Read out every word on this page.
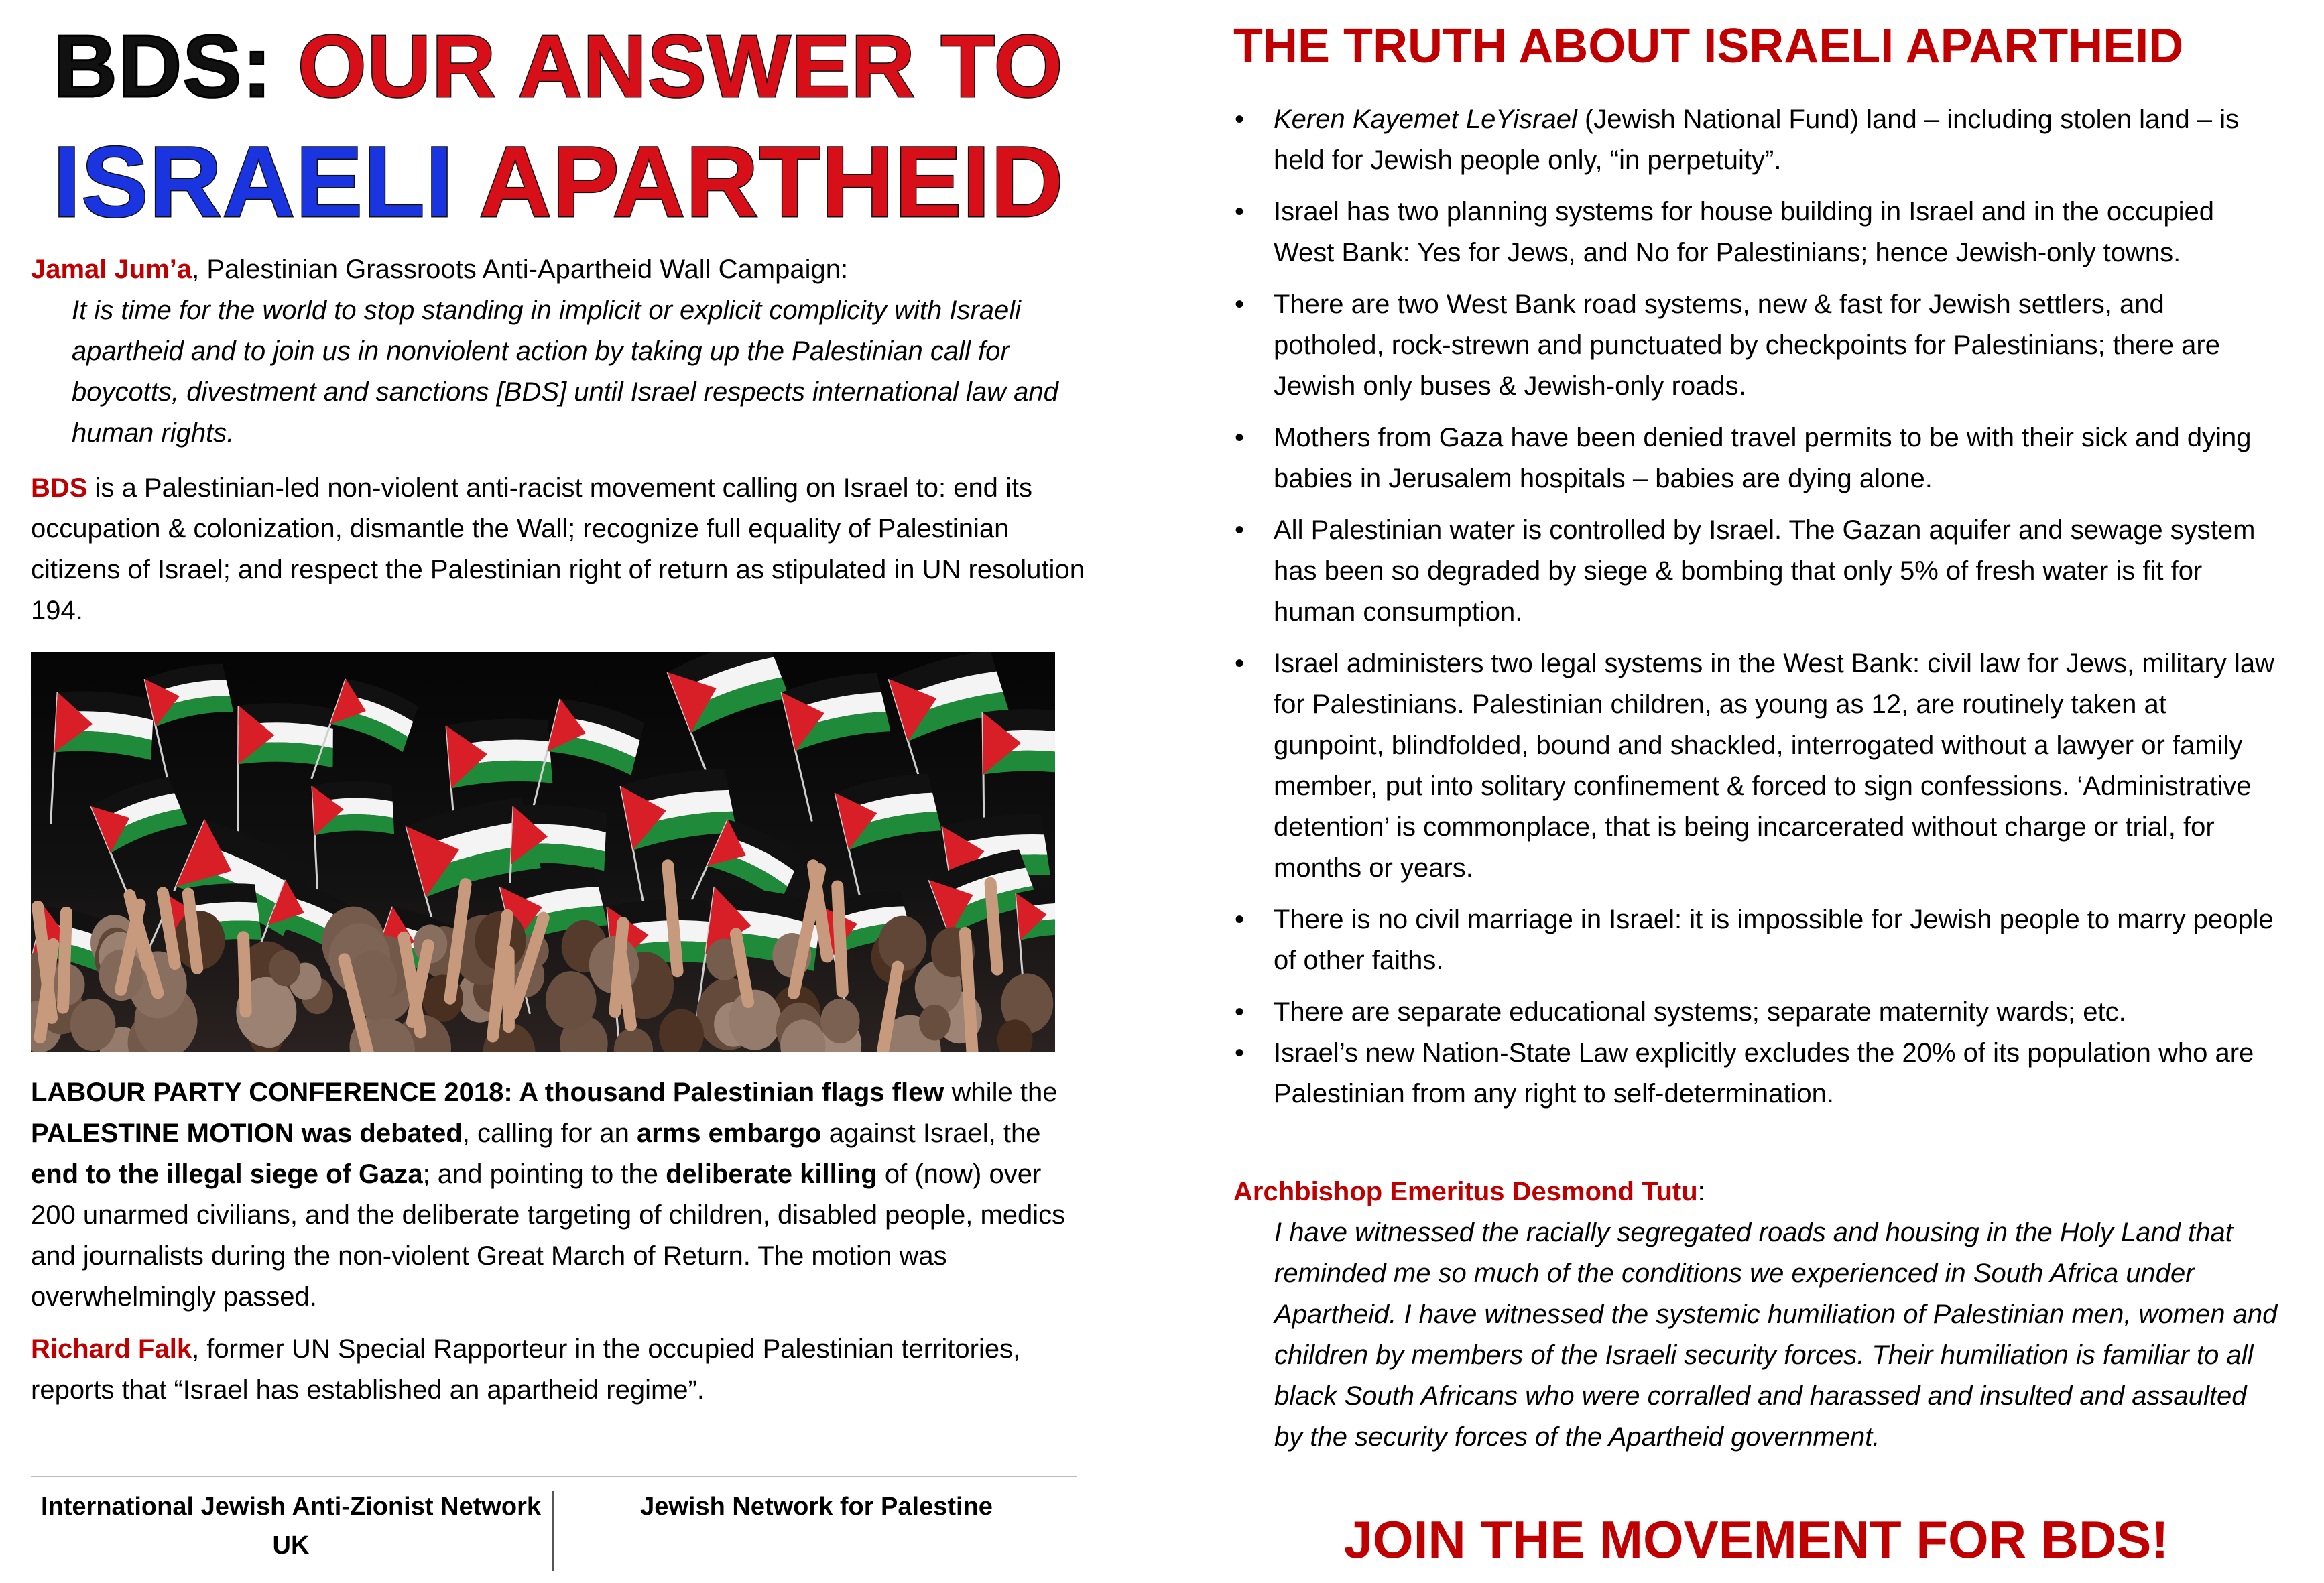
BDS: OUR ANSWER TO
ISRAELI APARTHEID

Jamal Jum’a, Palestinian Grassroots Anti-Apartheid Wall Campaign:

It is time for the world to stop standing in implicit or explicit complicity with Israeli apartheid and to join us in nonviolent action by taking up the Palestinian call for boycotts, divestment and sanctions [BDS] until Israel respects international law and human rights.

BDS is a Palestinian-led non-violent anti-racist movement calling on Israel to: end its occupation & colonization, dismantle the Wall; recognize full equality of Palestinian citizens of Israel; and respect the Palestinian right of return as stipulated in UN resolution 194.

LABOUR PARTY CONFERENCE 2018: A thousand Palestinian flags flew while the PALESTINE MOTION was debated, calling for an arms embargo against Israel, the end to the illegal siege of Gaza; and pointing to the deliberate killing of (now) over 200 unarmed civilians, and the deliberate targeting of children, disabled people, medics and journalists during the non-violent Great March of Return. The motion was overwhelmingly passed.

Richard Falk, former UN Special Rapporteur in the occupied Palestinian territories, reports that “Israel has established an apartheid regime”.

International Jewish Anti-Zionist Network UK
Jewish Network for Palestine
THE TRUTH ABOUT ISRAELI APARTHEID
• Keren Kayemet LeYisrael (Jewish National Fund) land – including stolen land – is held for Jewish people only, “in perpetuity”.
• Israel has two planning systems for house building in Israel and in the occupied West Bank: Yes for Jews, and No for Palestinians; hence Jewish-only towns.
• There are two West Bank road systems, new & fast for Jewish settlers, and potholed, rock-strewn and punctuated by checkpoints for Palestinians; there are Jewish only buses & Jewish-only roads.
• Mothers from Gaza have been denied travel permits to be with their sick and dying babies in Jerusalem hospitals – babies are dying alone.
• All Palestinian water is controlled by Israel. The Gazan aquifer and sewage system has been so degraded by siege & bombing that only 5% of fresh water is fit for human consumption.
• Israel administers two legal systems in the West Bank: civil law for Jews, military law for Palestinians. Palestinian children, as young as 12, are routinely taken at gunpoint, blindfolded, bound and shackled, interrogated without a lawyer or family member, put into solitary confinement & forced to sign confessions. ‘Administrative detention’ is commonplace, that is being incarcerated without charge or trial, for months or years.
• There is no civil marriage in Israel: it is impossible for Jewish people to marry people of other faiths.
• There are separate educational systems; separate maternity wards; etc.
• Israel’s new Nation-State Law explicitly excludes the 20% of its population who are Palestinian from any right to self-determination.

Archbishop Emeritus Desmond Tutu:

I have witnessed the racially segregated roads and housing in the Holy Land that reminded me so much of the conditions we experienced in South Africa under Apartheid. I have witnessed the systemic humiliation of Palestinian men, women and children by members of the Israeli security forces. Their humiliation is familiar to all black South Africans who were corralled and harassed and insulted and assaulted by the security forces of the Apartheid government.

JOIN THE MOVEMENT FOR BDS!
